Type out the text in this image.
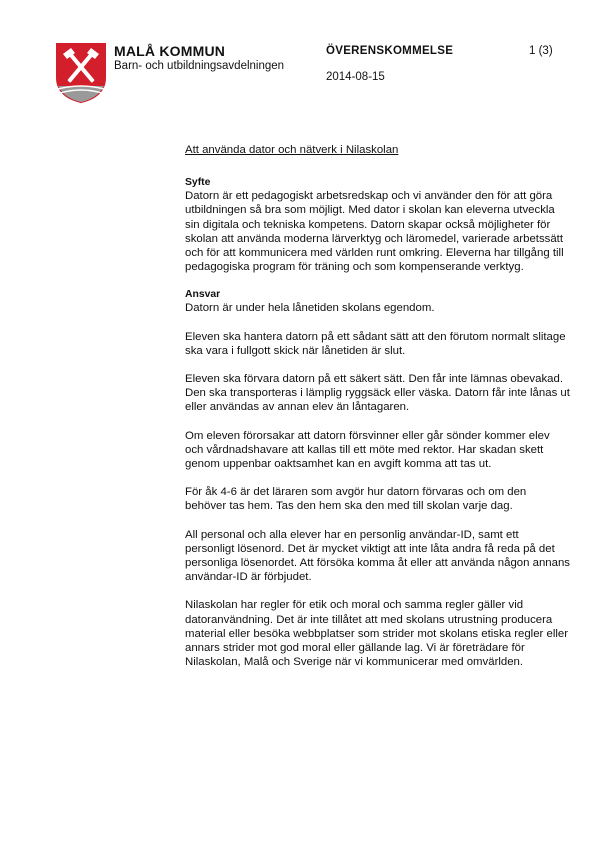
MALÅ KOMMUN
Barn- och utbildningsavdelningen
ÖVERENSKOMMELSE	1 (3)
2014-08-15

Att använda dator och nätverk i Nilaskolan

Syfte

Datorn är ett pedagogiskt arbetsredskap och vi använder den för att göra utbildningen så bra som möjligt. Med dator i skolan kan eleverna utveckla sin digitala och tekniska kompetens. Datorn skapar också möjligheter för skolan att använda moderna lärverktyg och läromedel, varierade arbetssätt och för att kommunicera med världen runt omkring. Eleverna har tillgång till pedagogiska program för träning och som kompenserande verktyg.

Ansvar

Datorn är under hela lånetiden skolans egendom.

Eleven ska hantera datorn på ett sådant sätt att den förutom normalt slitage ska vara i fullgott skick när lånetiden är slut.

Eleven ska förvara datorn på ett säkert sätt. Den får inte lämnas obevakad. Den ska transporteras i lämplig ryggsäck eller väska. Datorn får inte lånas ut eller användas av annan elev än låntagaren.

Om eleven förorsakar att datorn försvinner eller går sönder kommer elev och vårdnadshavare att kallas till ett möte med rektor. Har skadan skett genom uppenbar oaktsamhet kan en avgift komma att tas ut.

För åk 4-6 är det läraren som avgör hur datorn förvaras och om den behöver tas hem. Tas den hem ska den med till skolan varje dag.

All personal och alla elever har en personlig användar-ID, samt ett personligt lösenord. Det är mycket viktigt att inte låta andra få reda på det personliga lösenordet. Att försöka komma åt eller att använda någon annans användar-ID är förbjudet.

Nilaskolan har regler för etik och moral och samma regler gäller vid datoranvändning. Det är inte tillåtet att med skolans utrustning producera material eller besöka webbplatser som strider mot skolans etiska regler eller annars strider mot god moral eller gällande lag. Vi är företrädare för Nilaskolan, Malå och Sverige när vi kommunicerar med omvärlden.
